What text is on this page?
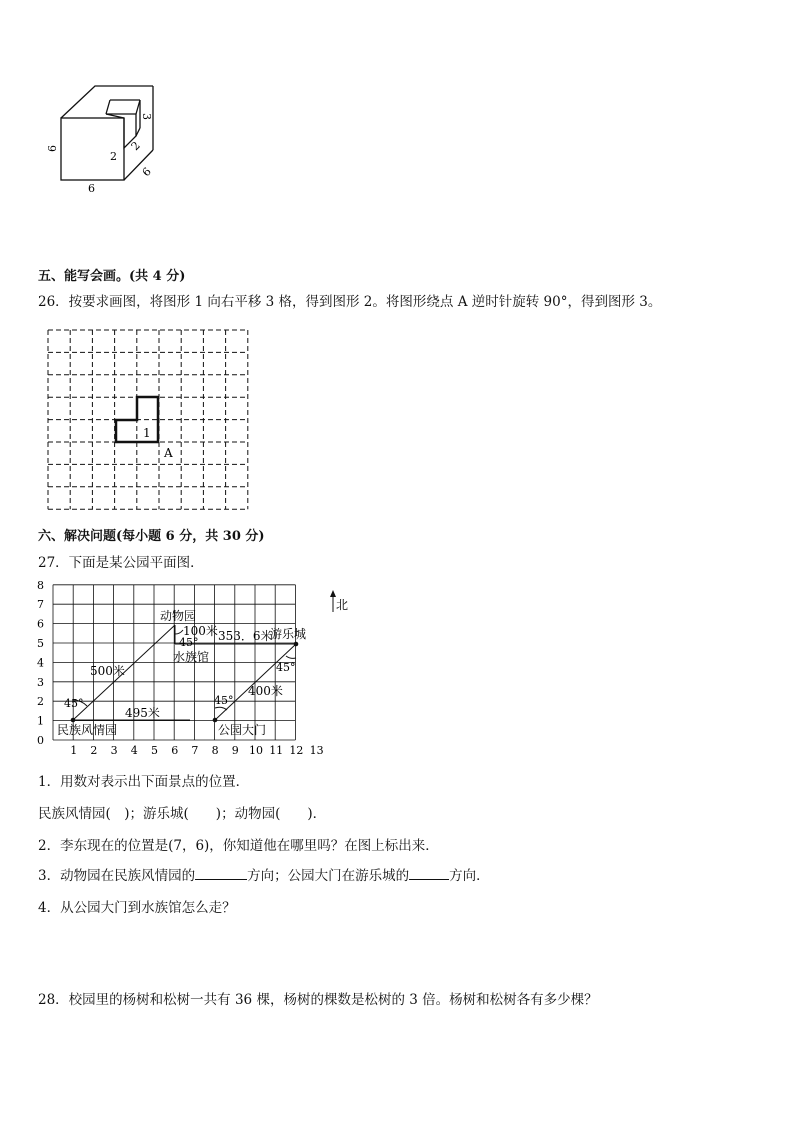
6
6
6
3
2
2
五、能写会画。(共 4 分)
26．按要求画图，将图形 1 向右平移 3 格，得到图形 2。将图形绕点 A 逆时针旋转 90°，得到图形 3。
1
A
六、解决问题(每小题 6 分，共 30 分)
27．下面是某公园平面图．
1 2 3 4 5 6 7 8 9 10 11 12 13
0
1
2
3
4
5
6
7
8
北
动物园
水族馆
游乐城
民族风情园	公园大门
500米
495米
100米 353．6米
400米
45°
45°
45°
45°
1．用数对表示出下面景点的位置．
民族风情园(　)；游乐城(　　)；动物园(　　)．
2．李东现在的位置是(7，6)，你知道他在哪里吗？在图上标出来．
3．动物园在民族风情园的	方向；公园大门在游乐城的	方向．
4．从公园大门到水族馆怎么走？
28．校园里的杨树和松树一共有 36 棵，杨树的棵数是松树的 3 倍。杨树和松树各有多少棵？
